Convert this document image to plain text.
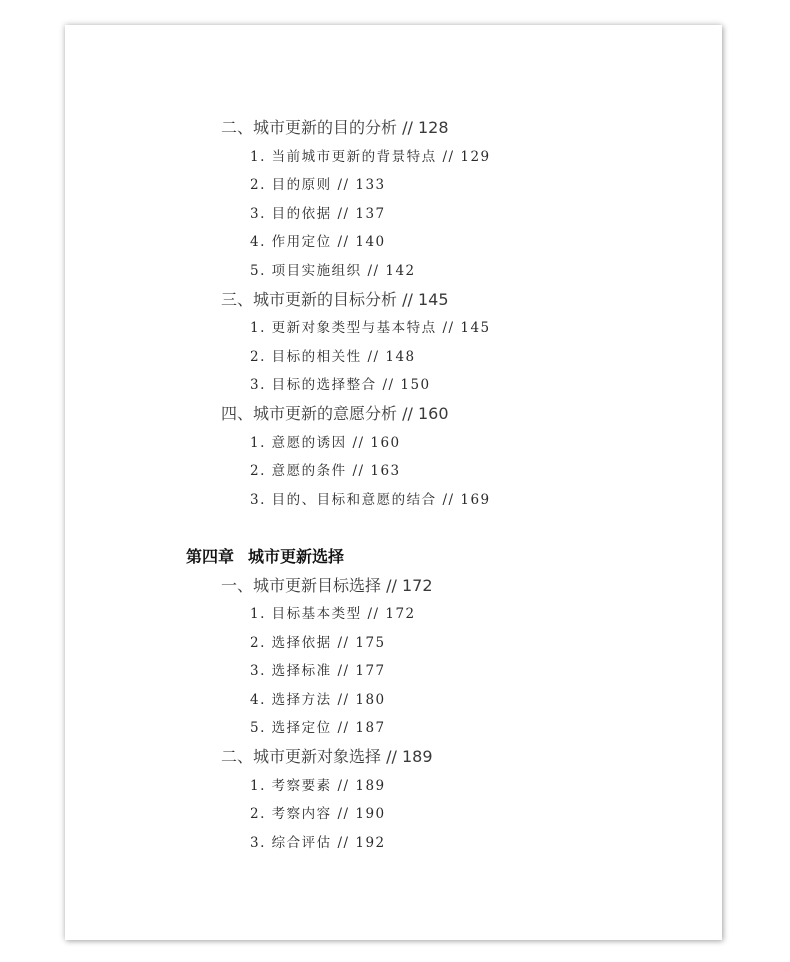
二、城市更新的目的分析 // 128
1. 当前城市更新的背景特点 // 129
2. 目的原则 // 133
3. 目的依据 // 137
4. 作用定位 // 140
5. 项目实施组织 // 142
三、城市更新的目标分析 // 145
1. 更新对象类型与基本特点 // 145
2. 目标的相关性 // 148
3. 目标的选择整合 // 150
四、城市更新的意愿分析 // 160
1. 意愿的诱因 // 160
2. 意愿的条件 // 163
3. 目的、目标和意愿的结合 // 169
第四章 城市更新选择
一、城市更新目标选择 // 172
1. 目标基本类型 // 172
2. 选择依据 // 175
3. 选择标准 // 177
4. 选择方法 // 180
5. 选择定位 // 187
二、城市更新对象选择 // 189
1. 考察要素 // 189
2. 考察内容 // 190
3. 综合评估 // 192
